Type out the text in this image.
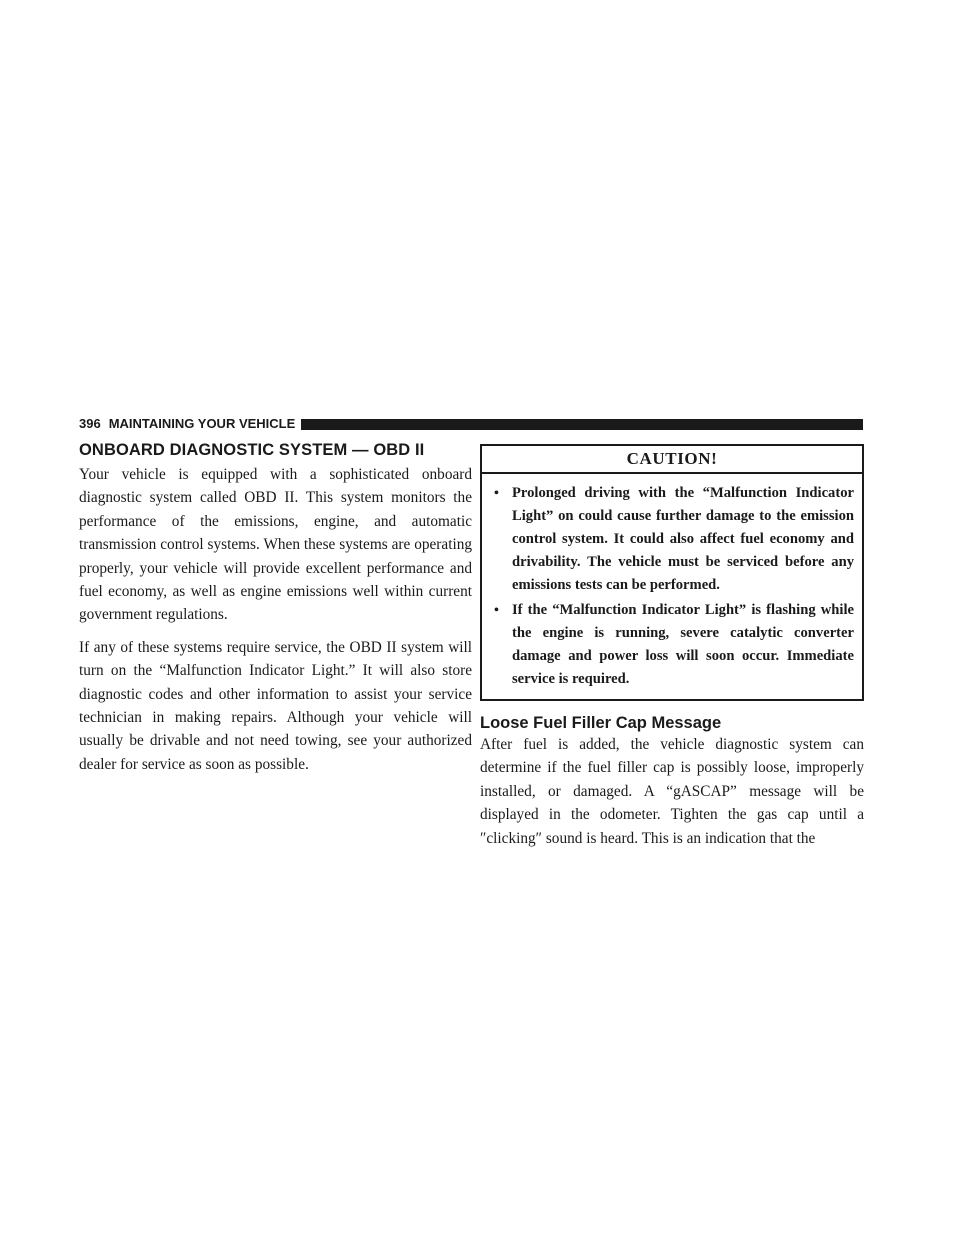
396 MAINTAINING YOUR VEHICLE
ONBOARD DIAGNOSTIC SYSTEM — OBD II

Your vehicle is equipped with a sophisticated onboard diagnostic system called OBD II. This system monitors the performance of the emissions, engine, and automatic transmission control systems. When these systems are operating properly, your vehicle will provide excellent performance and fuel economy, as well as engine emissions well within current government regulations.

If any of these systems require service, the OBD II system will turn on the “Malfunction Indicator Light.” It will also store diagnostic codes and other information to assist your service technician in making repairs. Although your vehicle will usually be drivable and not need towing, see your authorized dealer for service as soon as possible.

CAUTION!
• Prolonged driving with the “Malfunction Indicator Light” on could cause further damage to the emission control system. It could also affect fuel economy and drivability. The vehicle must be serviced before any emissions tests can be performed.
• If the “Malfunction Indicator Light” is flashing while the engine is running, severe catalytic converter damage and power loss will soon occur. Immediate service is required.
Loose Fuel Filler Cap Message

After fuel is added, the vehicle diagnostic system can determine if the fuel filler cap is possibly loose, improperly installed, or damaged. A “gASCAP” message will be displayed in the odometer. Tighten the gas cap until a ″clicking″ sound is heard. This is an indication that the
